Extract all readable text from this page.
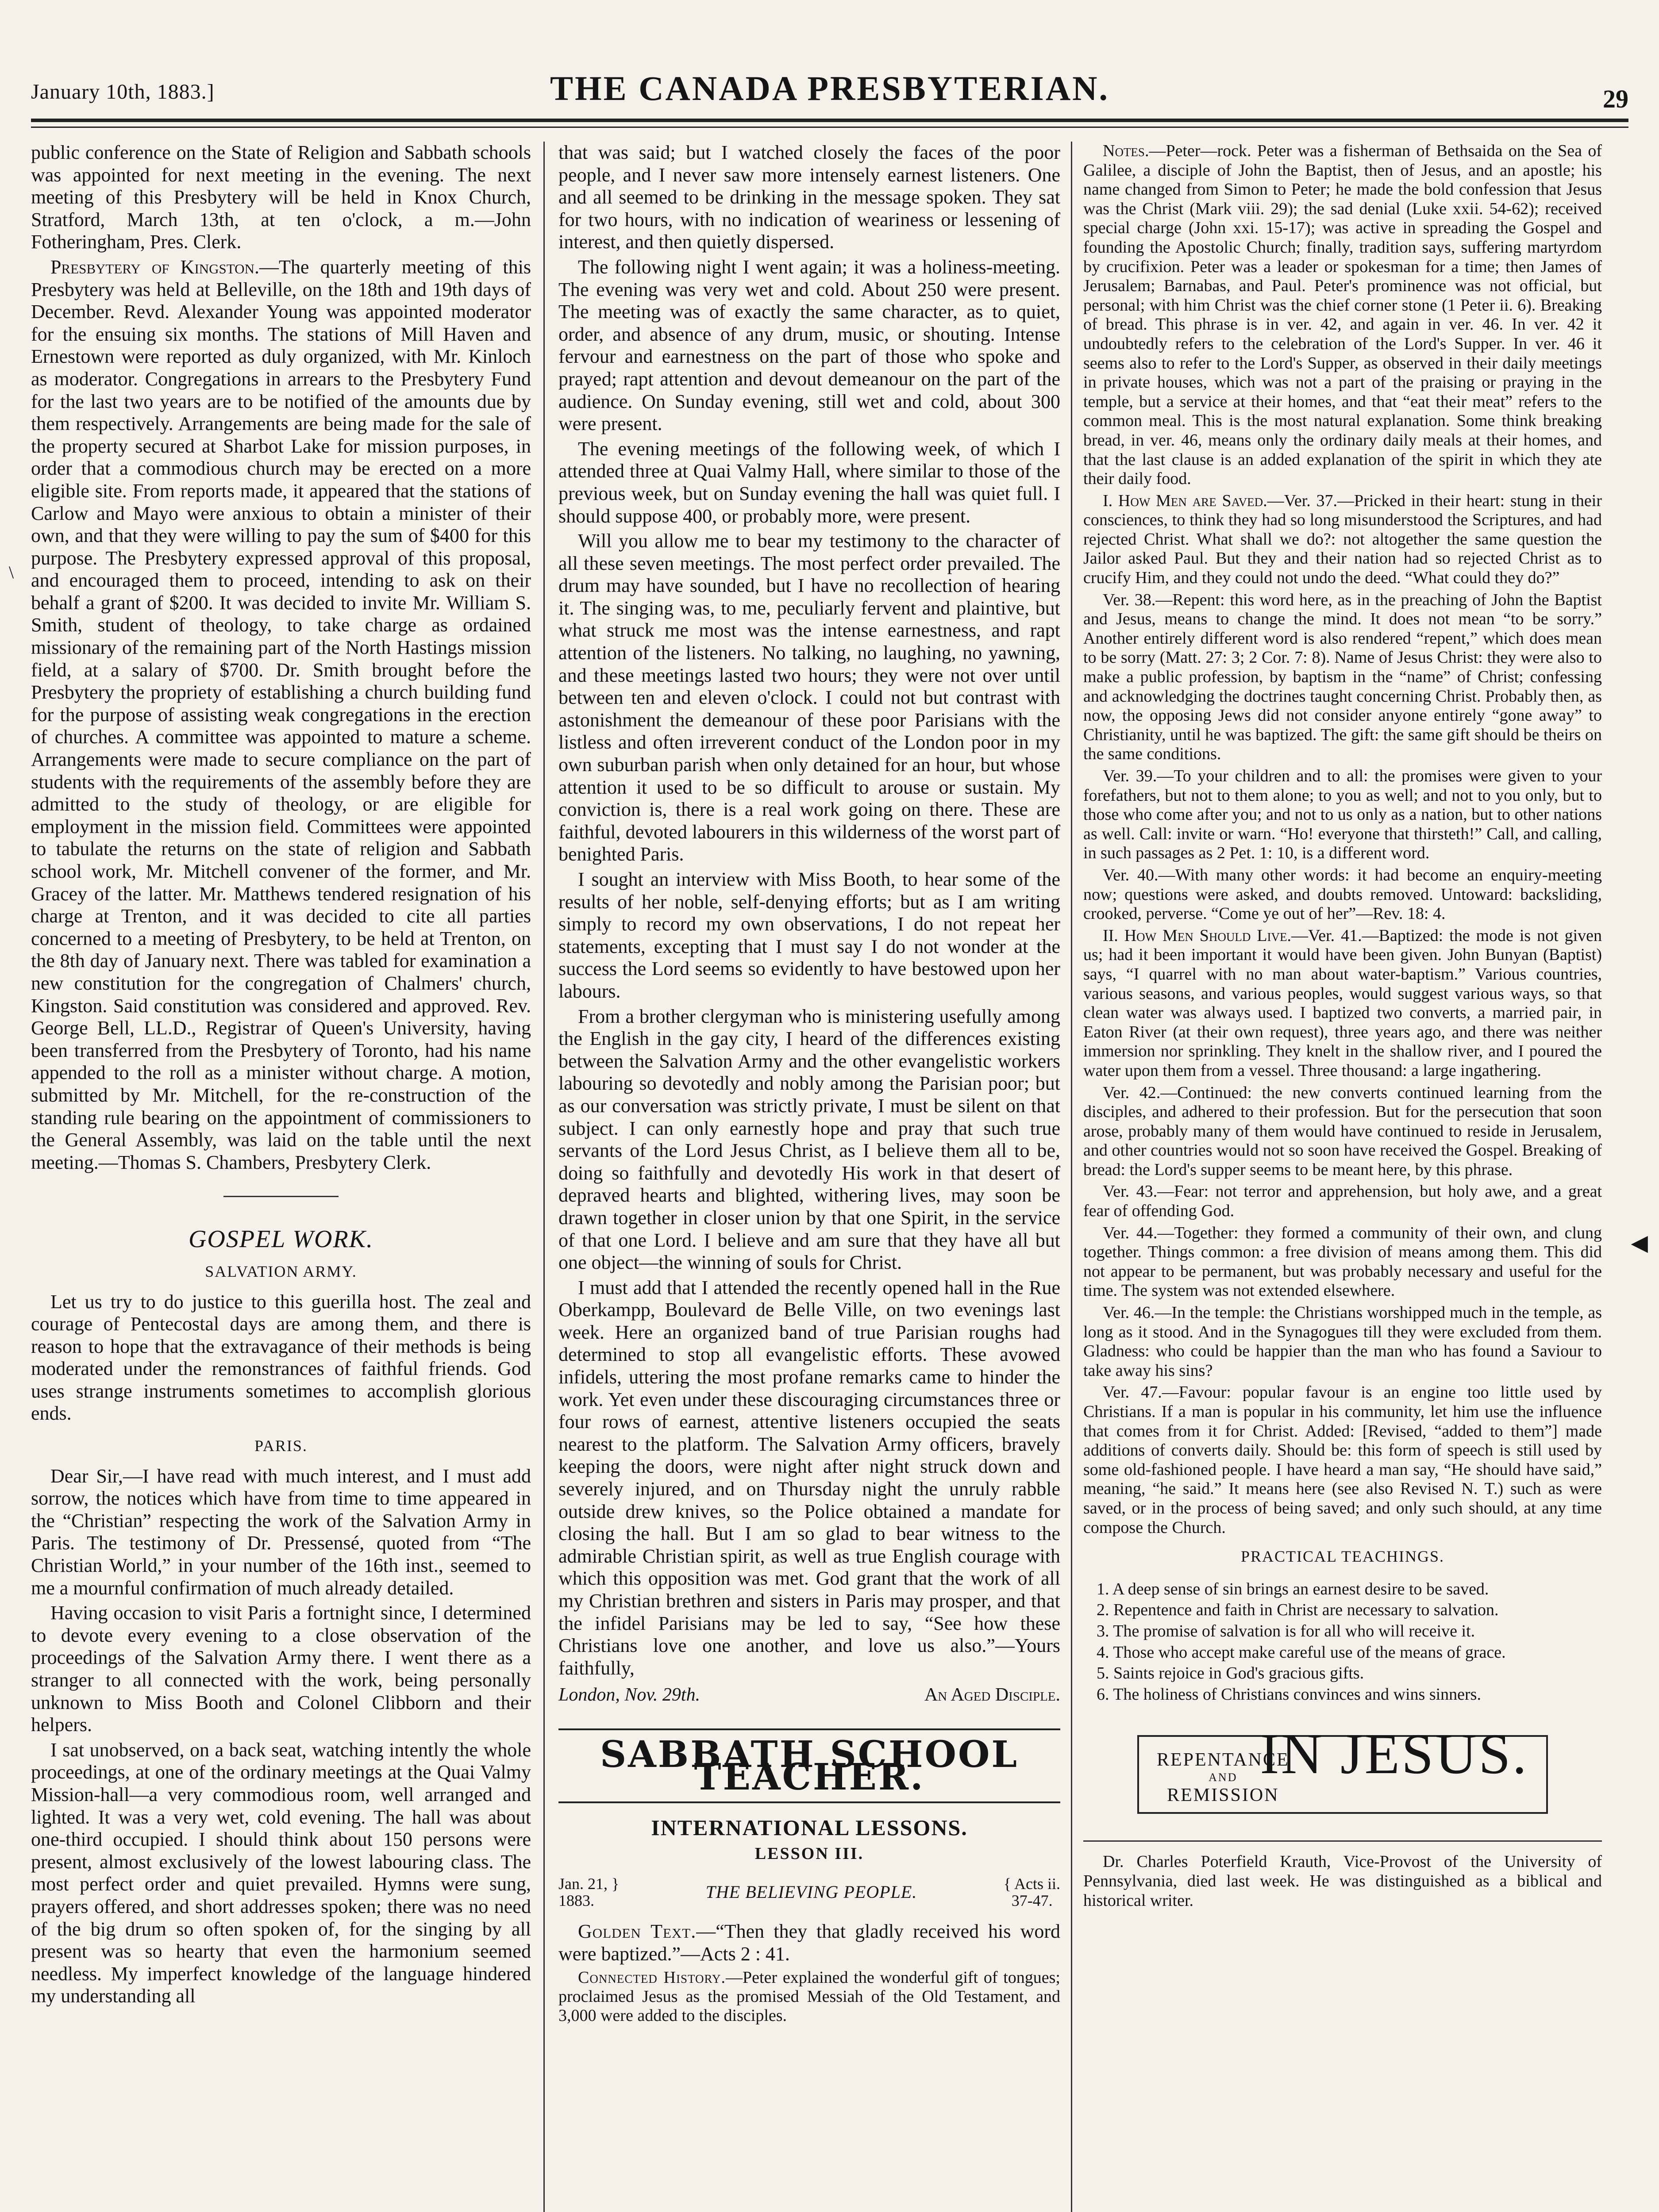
January 10th, 1883.]	THE CANADA PRESBYTERIAN.	29
\
◀

public conference on the State of Religion and Sabbath schools was appointed for next meeting in the evening. The next meeting of this Presbytery will be held in Knox Church, Stratford, March 13th, at ten o'clock, a m.—John Fotheringham, Pres. Clerk.

Presbytery of Kingston.—The quarterly meeting of this Presbytery was held at Belleville, on the 18th and 19th days of December. Revd. Alexander Young was appointed moderator for the ensuing six months. The stations of Mill Haven and Ernestown were reported as duly organized, with Mr. Kinloch as moderator. Congregations in arrears to the Presbytery Fund for the last two years are to be notified of the amounts due by them respectively. Arrangements are being made for the sale of the property secured at Sharbot Lake for mission purposes, in order that a commodious church may be erected on a more eligible site. From reports made, it appeared that the stations of Carlow and Mayo were anxious to obtain a minister of their own, and that they were willing to pay the sum of $400 for this purpose. The Presbytery expressed approval of this proposal, and encouraged them to proceed, intending to ask on their behalf a grant of $200. It was decided to invite Mr. William S. Smith, student of theology, to take charge as ordained missionary of the remaining part of the North Hastings mission field, at a salary of $700. Dr. Smith brought before the Presbytery the propriety of establishing a church building fund for the purpose of assisting weak congregations in the erection of churches. A committee was appointed to mature a scheme. Arrangements were made to secure compliance on the part of students with the requirements of the assembly before they are admitted to the study of theology, or are eligible for employment in the mission field. Committees were appointed to tabulate the returns on the state of religion and Sabbath school work, Mr. Mitchell convener of the former, and Mr. Gracey of the latter. Mr. Matthews tendered resignation of his charge at Trenton, and it was decided to cite all parties concerned to a meeting of Presbytery, to be held at Trenton, on the 8th day of January next. There was tabled for examination a new constitution for the congregation of Chalmers' church, Kingston. Said constitution was considered and approved. Rev. George Bell, LL.D., Registrar of Queen's University, having been transferred from the Presbytery of Toronto, had his name appended to the roll as a minister without charge. A motion, submitted by Mr. Mitchell, for the re-construction of the standing rule bearing on the appointment of commissioners to the General Assembly, was laid on the table until the next meeting.—Thomas S. Chambers, Presbytery Clerk.

GOSPEL WORK.
SALVATION ARMY.

Let us try to do justice to this guerilla host. The zeal and courage of Pentecostal days are among them, and there is reason to hope that the extravagance of their methods is being moderated under the remonstrances of faithful friends. God uses strange instruments sometimes to accomplish glorious ends.

PARIS.

Dear Sir,—I have read with much interest, and I must add sorrow, the notices which have from time to time appeared in the “Christian” respecting the work of the Salvation Army in Paris. The testimony of Dr. Pressensé, quoted from “The Christian World,” in your number of the 16th inst., seemed to me a mournful confirmation of much already detailed.

Having occasion to visit Paris a fortnight since, I determined to devote every evening to a close observation of the proceedings of the Salvation Army there. I went there as a stranger to all connected with the work, being personally unknown to Miss Booth and Colonel Clibborn and their helpers.

I sat unobserved, on a back seat, watching intently the whole proceedings, at one of the ordinary meetings at the Quai Valmy Mission-hall—a very commodious room, well arranged and lighted. It was a very wet, cold evening. The hall was about one-third occupied. I should think about 150 persons were present, almost exclusively of the lowest labouring class. The most perfect order and quiet prevailed. Hymns were sung, prayers offered, and short addresses spoken; there was no need of the big drum so often spoken of, for the singing by all present was so hearty that even the harmonium seemed needless. My imperfect knowledge of the language hindered my understanding all

that was said; but I watched closely the faces of the poor people, and I never saw more intensely earnest listeners. One and all seemed to be drinking in the message spoken. They sat for two hours, with no indication of weariness or lessening of interest, and then quietly dispersed.

The following night I went again; it was a holiness-meeting. The evening was very wet and cold. About 250 were present. The meeting was of exactly the same character, as to quiet, order, and absence of any drum, music, or shouting. Intense fervour and earnestness on the part of those who spoke and prayed; rapt attention and devout demeanour on the part of the audience. On Sunday evening, still wet and cold, about 300 were present.

The evening meetings of the following week, of which I attended three at Quai Valmy Hall, where similar to those of the previous week, but on Sunday evening the hall was quiet full. I should suppose 400, or probably more, were present.

Will you allow me to bear my testimony to the character of all these seven meetings. The most perfect order prevailed. The drum may have sounded, but I have no recollection of hearing it. The singing was, to me, peculiarly fervent and plaintive, but what struck me most was the intense earnestness, and rapt attention of the listeners. No talking, no laughing, no yawning, and these meetings lasted two hours; they were not over until between ten and eleven o'clock. I could not but contrast with astonishment the demeanour of these poor Parisians with the listless and often irreverent conduct of the London poor in my own suburban parish when only detained for an hour, but whose attention it used to be so difficult to arouse or sustain. My conviction is, there is a real work going on there. These are faithful, devoted labourers in this wilderness of the worst part of benighted Paris.

I sought an interview with Miss Booth, to hear some of the results of her noble, self-denying efforts; but as I am writing simply to record my own observations, I do not repeat her statements, excepting that I must say I do not wonder at the success the Lord seems so evidently to have bestowed upon her labours.

From a brother clergyman who is ministering usefully among the English in the gay city, I heard of the differences existing between the Salvation Army and the other evangelistic workers labouring so devotedly and nobly among the Parisian poor; but as our conversation was strictly private, I must be silent on that subject. I can only earnestly hope and pray that such true servants of the Lord Jesus Christ, as I believe them all to be, doing so faithfully and devotedly His work in that desert of depraved hearts and blighted, withering lives, may soon be drawn together in closer union by that one Spirit, in the service of that one Lord. I believe and am sure that they have all but one object—the winning of souls for Christ.

I must add that I attended the recently opened hall in the Rue Oberkampp, Boulevard de Belle Ville, on two evenings last week. Here an organized band of true Parisian roughs had determined to stop all evangelistic efforts. These avowed infidels, uttering the most profane remarks came to hinder the work. Yet even under these discouraging circumstances three or four rows of earnest, attentive listeners occupied the seats nearest to the platform. The Salvation Army officers, bravely keeping the doors, were night after night struck down and severely injured, and on Thursday night the unruly rabble outside drew knives, so the Police obtained a mandate for closing the hall. But I am so glad to bear witness to the admirable Christian spirit, as well as true English courage with which this opposition was met. God grant that the work of all my Christian brethren and sisters in Paris may prosper, and that the infidel Parisians may be led to say, “See how these Christians love one another, and love us also.”—Yours faithfully,

London, Nov. 29th.	An Aged Disciple.
SABBATH SCHOOL TEACHER.
INTERNATIONAL LESSONS.
LESSON III.
Jan. 21, }
1883.	THE BELIEVING PEOPLE.	{ Acts ii.
37-47.

Golden Text.—“Then they that gladly received his word were baptized.”—Acts 2 : 41.

Connected History.—Peter explained the wonderful gift of tongues; proclaimed Jesus as the promised Messiah of the Old Testament, and 3,000 were added to the disciples.

Notes.—Peter—rock. Peter was a fisherman of Bethsaida on the Sea of Galilee, a disciple of John the Baptist, then of Jesus, and an apostle; his name changed from Simon to Peter; he made the bold confession that Jesus was the Christ (Mark viii. 29); the sad denial (Luke xxii. 54-62); received special charge (John xxi. 15-17); was active in spreading the Gospel and founding the Apostolic Church; finally, tradition says, suffering martyrdom by crucifixion. Peter was a leader or spokesman for a time; then James of Jerusalem; Barnabas, and Paul. Peter's prominence was not official, but personal; with him Christ was the chief corner stone (1 Peter ii. 6). Breaking of bread. This phrase is in ver. 42, and again in ver. 46. In ver. 42 it undoubtedly refers to the celebration of the Lord's Supper. In ver. 46 it seems also to refer to the Lord's Supper, as observed in their daily meetings in private houses, which was not a part of the praising or praying in the temple, but a service at their homes, and that “eat their meat” refers to the common meal. This is the most natural explanation. Some think breaking bread, in ver. 46, means only the ordinary daily meals at their homes, and that the last clause is an added explanation of the spirit in which they ate their daily food.

I. How Men are Saved.—Ver. 37.—Pricked in their heart: stung in their consciences, to think they had so long misunderstood the Scriptures, and had rejected Christ. What shall we do?: not altogether the same question the Jailor asked Paul. But they and their nation had so rejected Christ as to crucify Him, and they could not undo the deed. “What could they do?”

Ver. 38.—Repent: this word here, as in the preaching of John the Baptist and Jesus, means to change the mind. It does not mean “to be sorry.” Another entirely different word is also rendered “repent,” which does mean to be sorry (Matt. 27: 3; 2 Cor. 7: 8). Name of Jesus Christ: they were also to make a public profession, by baptism in the “name” of Christ; confessing and acknowledging the doctrines taught concerning Christ. Probably then, as now, the opposing Jews did not consider anyone entirely “gone away” to Christianity, until he was baptized. The gift: the same gift should be theirs on the same conditions.

Ver. 39.—To your children and to all: the promises were given to your forefathers, but not to them alone; to you as well; and not to you only, but to those who come after you; and not to us only as a nation, but to other nations as well. Call: invite or warn. “Ho! everyone that thirsteth!” Call, and calling, in such passages as 2 Pet. 1: 10, is a different word.

Ver. 40.—With many other words: it had become an enquiry-meeting now; questions were asked, and doubts removed. Untoward: backsliding, crooked, perverse. “Come ye out of her”—Rev. 18: 4.

II. How Men Should Live.—Ver. 41.—Baptized: the mode is not given us; had it been important it would have been given. John Bunyan (Baptist) says, “I quarrel with no man about water-baptism.” Various countries, various seasons, and various peoples, would suggest various ways, so that clean water was always used. I baptized two converts, a married pair, in Eaton River (at their own request), three years ago, and there was neither immersion nor sprinkling. They knelt in the shallow river, and I poured the water upon them from a vessel. Three thousand: a large ingathering.

Ver. 42.—Continued: the new converts continued learning from the disciples, and adhered to their profession. But for the persecution that soon arose, probably many of them would have continued to reside in Jerusalem, and other countries would not so soon have received the Gospel. Breaking of bread: the Lord's supper seems to be meant here, by this phrase.

Ver. 43.—Fear: not terror and apprehension, but holy awe, and a great fear of offending God.

Ver. 44.—Together: they formed a community of their own, and clung together. Things common: a free division of means among them. This did not appear to be permanent, but was probably necessary and useful for the time. The system was not extended elsewhere.

Ver. 46.—In the temple: the Christians worshipped much in the temple, as long as it stood. And in the Synagogues till they were excluded from them. Gladness: who could be happier than the man who has found a Saviour to take away his sins?

Ver. 47.—Favour: popular favour is an engine too little used by Christians. If a man is popular in his community, let him use the influence that comes from it for Christ. Added: [Revised, “added to them”] made additions of converts daily. Should be: this form of speech is still used by some old-fashioned people. I have heard a man say, “He should have said,” meaning, “he said.” It means here (see also Revised N. T.) such as were saved, or in the process of being saved; and only such should, at any time compose the Church.

PRACTICAL TEACHINGS.

1. A deep sense of sin brings an earnest desire to be saved.

2. Repentence and faith in Christ are necessary to salvation.

3. The promise of salvation is for all who will receive it.

4. Those who accept make careful use of the means of grace.

5. Saints rejoice in God's gracious gifts.

6. The holiness of Christians convinces and wins sinners.

REPENTANCE
AND
REMISSION
IN JESUS.

Dr. Charles Poterfield Krauth, Vice-Provost of the University of Pennsylvania, died last week. He was distinguished as a biblical and historical writer.
